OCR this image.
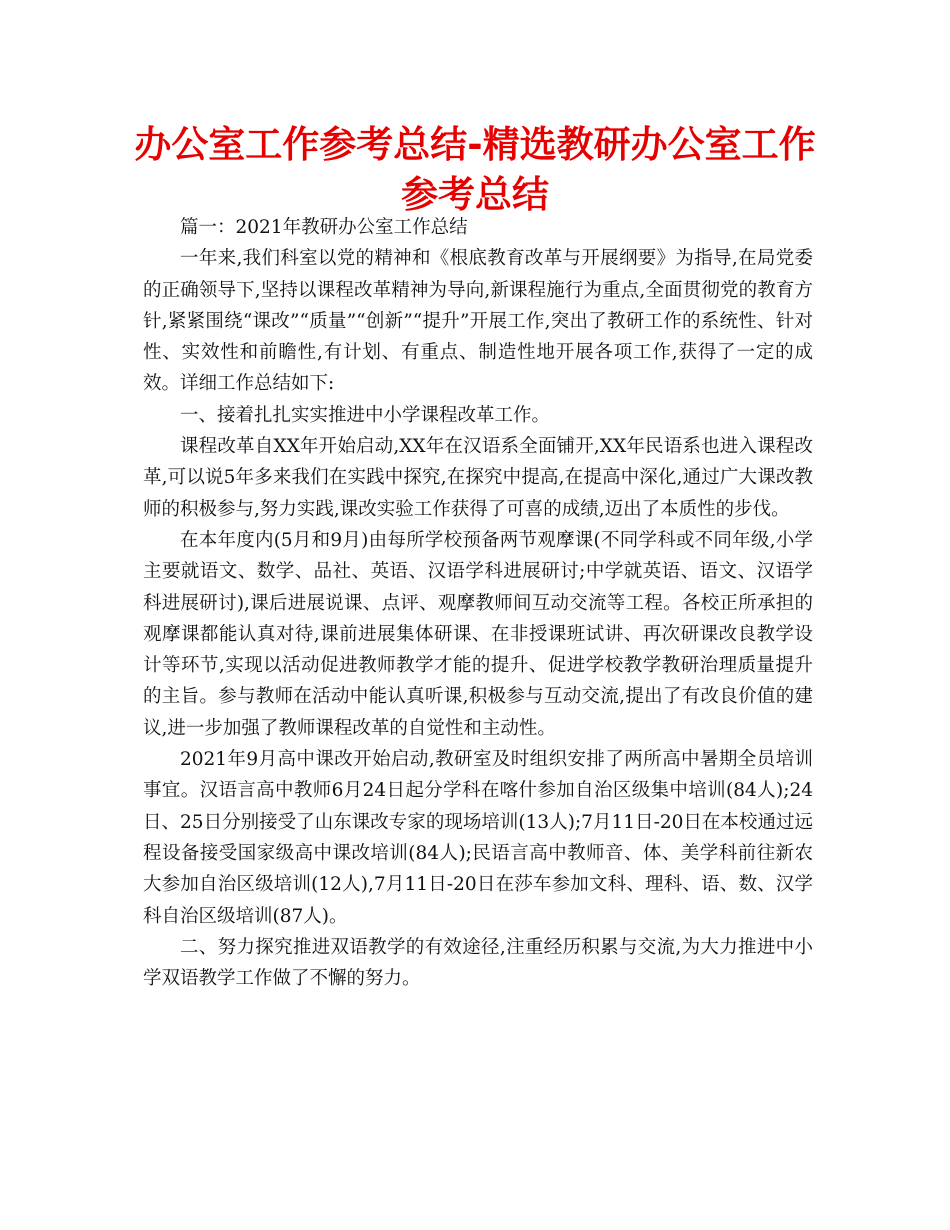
办公室工作参考总结-精选教研办公室工作参考总结

篇一：2021年教研办公室工作总结

一年来,我们科室以党的精神和《根底教育改革与开展纲要》为指导,在局党委的正确领导下,坚持以课程改革精神为导向,新课程施行为重点,全面贯彻党的教育方针,紧紧围绕“课改”“质量”“创新”“提升”开展工作,突出了教研工作的系统性、针对性、实效性和前瞻性,有计划、有重点、制造性地开展各项工作,获得了一定的成效。详细工作总结如下:

一、接着扎扎实实推进中小学课程改革工作。

课程改革自XX年开始启动,XX年在汉语系全面铺开,XX年民语系也进入课程改革,可以说5年多来我们在实践中探究,在探究中提高,在提高中深化,通过广大课改教师的积极参与,努力实践,课改实验工作获得了可喜的成绩,迈出了本质性的步伐。

在本年度内(5月和9月)由每所学校预备两节观摩课(不同学科或不同年级,小学主要就语文、数学、品社、英语、汉语学科进展研讨;中学就英语、语文、汉语学科进展研讨),课后进展说课、点评、观摩教师间互动交流等工程。各校正所承担的观摩课都能认真对待,课前进展集体研课、在非授课班试讲、再次研课改良教学设计等环节,实现以活动促进教师教学才能的提升、促进学校教学教研治理质量提升的主旨。参与教师在活动中能认真听课,积极参与互动交流,提出了有改良价值的建议,进一步加强了教师课程改革的自觉性和主动性。

2021年9月高中课改开始启动,教研室及时组织安排了两所高中暑期全员培训事宜。汉语言高中教师6月24日起分学科在喀什参加自治区级集中培训(84人);24日、25日分别接受了山东课改专家的现场培训(13人);7月11日-20日在本校通过远程设备接受国家级高中课改培训(84人);民语言高中教师音、体、美学科前往新农大参加自治区级培训(12人),7月11日-20日在莎车参加文科、理科、语、数、汉学科自治区级培训(87人)。

二、努力探究推进双语教学的有效途径,注重经历积累与交流,为大力推进中小学双语教学工作做了不懈的努力。
